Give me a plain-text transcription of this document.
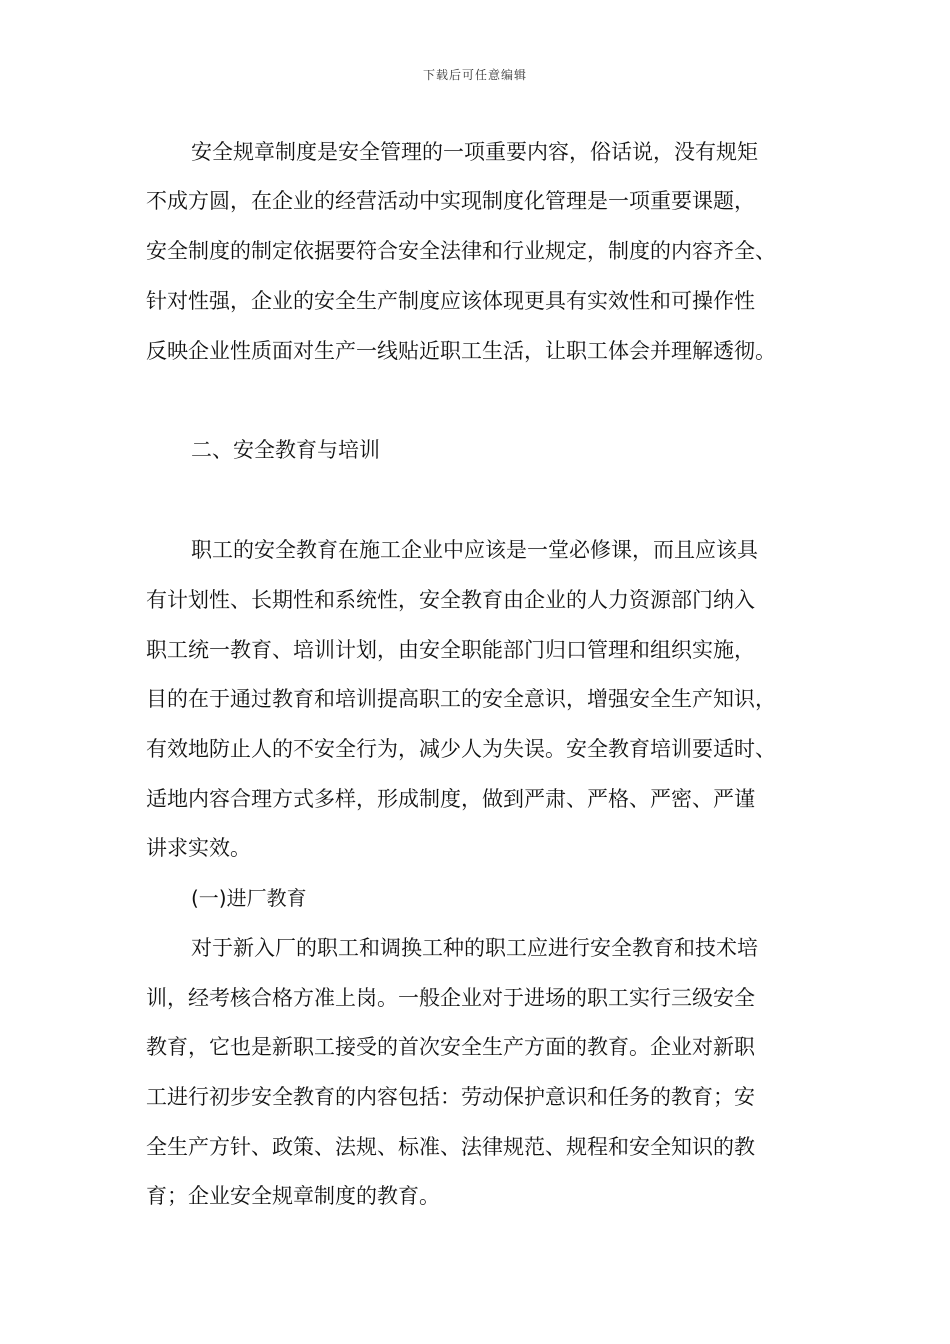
下载后可任意编辑
安全规章制度是安全管理的一项重要内容，俗话说，没有规矩
不成方圆，在企业的经营活动中实现制度化管理是一项重要课题，
安全制度的制定依据要符合安全法律和行业规定，制度的内容齐全、
针对性强，企业的安全生产制度应该体现更具有实效性和可操作性
反映企业性质面对生产一线贴近职工生活，让职工体会并理解透彻。
二、安全教育与培训
职工的安全教育在施工企业中应该是一堂必修课，而且应该具
有计划性、长期性和系统性，安全教育由企业的人力资源部门纳入
职工统一教育、培训计划，由安全职能部门归口管理和组织实施，
目的在于通过教育和培训提高职工的安全意识，增强安全生产知识，
有效地防止人的不安全行为，减少人为失误。安全教育培训要适时、
适地内容合理方式多样，形成制度，做到严肃、严格、严密、严谨
讲求实效。
(一)进厂教育
对于新入厂的职工和调换工种的职工应进行安全教育和技术培
训，经考核合格方准上岗。一般企业对于进场的职工实行三级安全
教育，它也是新职工接受的首次安全生产方面的教育。企业对新职
工进行初步安全教育的内容包括：劳动保护意识和任务的教育；安
全生产方针、政策、法规、标准、法律规范、规程和安全知识的教
育；企业安全规章制度的教育。
